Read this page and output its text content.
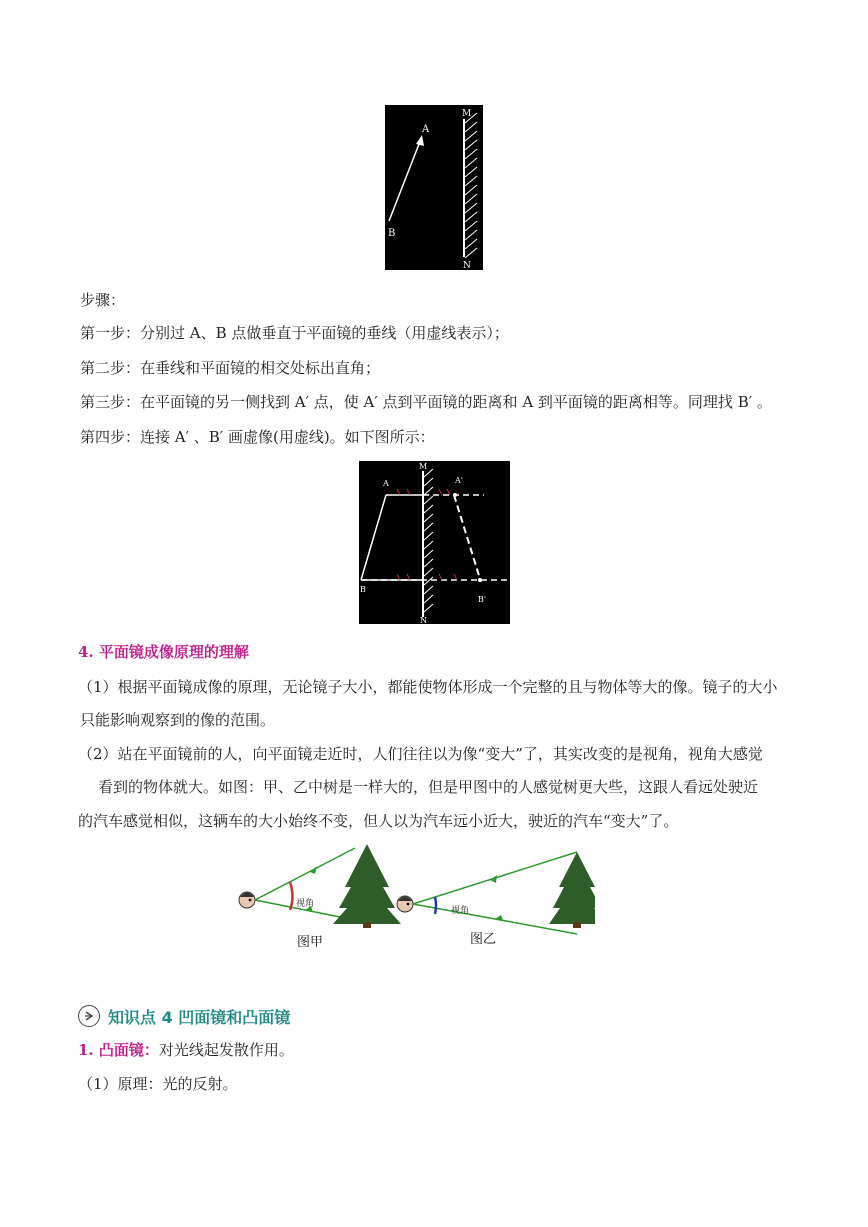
A
B
M
N
步骤：
第一步：分别过 A、B 点做垂直于平面镜的垂线（用虚线表示）；
第二步：在垂线和平面镜的相交处标出直角；
第三步：在平面镜的另一侧找到 A′ 点，使 A′ 点到平面镜的距离和 A 到平面镜的距离相等。同理找 B′ 。
第四步：连接 A′ 、B′ 画虚像(用虚线)。如下图所示：
A	A'
B
B'
M
N
4. 平面镜成像原理的理解
（1）根据平面镜成像的原理，无论镜子大小，都能使物体形成一个完整的且与物体等大的像。镜子的大小
只能影响观察到的像的范围。
（2）站在平面镜前的人，向平面镜走近时，人们往往以为像“变大”了，其实改变的是视角，视角大感觉
看到的物体就大。如图：甲、乙中树是一样大的，但是甲图中的人感觉树更大些，这跟人看远处驶近
的汽车感觉相似，这辆车的大小始终不变，但人以为汽车远小近大，驶近的汽车“变大”了。
视角
视角
图甲	图乙
知识点 4 凹面镜和凸面镜
1. 凸面镜：对光线起发散作用。
（1）原理：光的反射。
